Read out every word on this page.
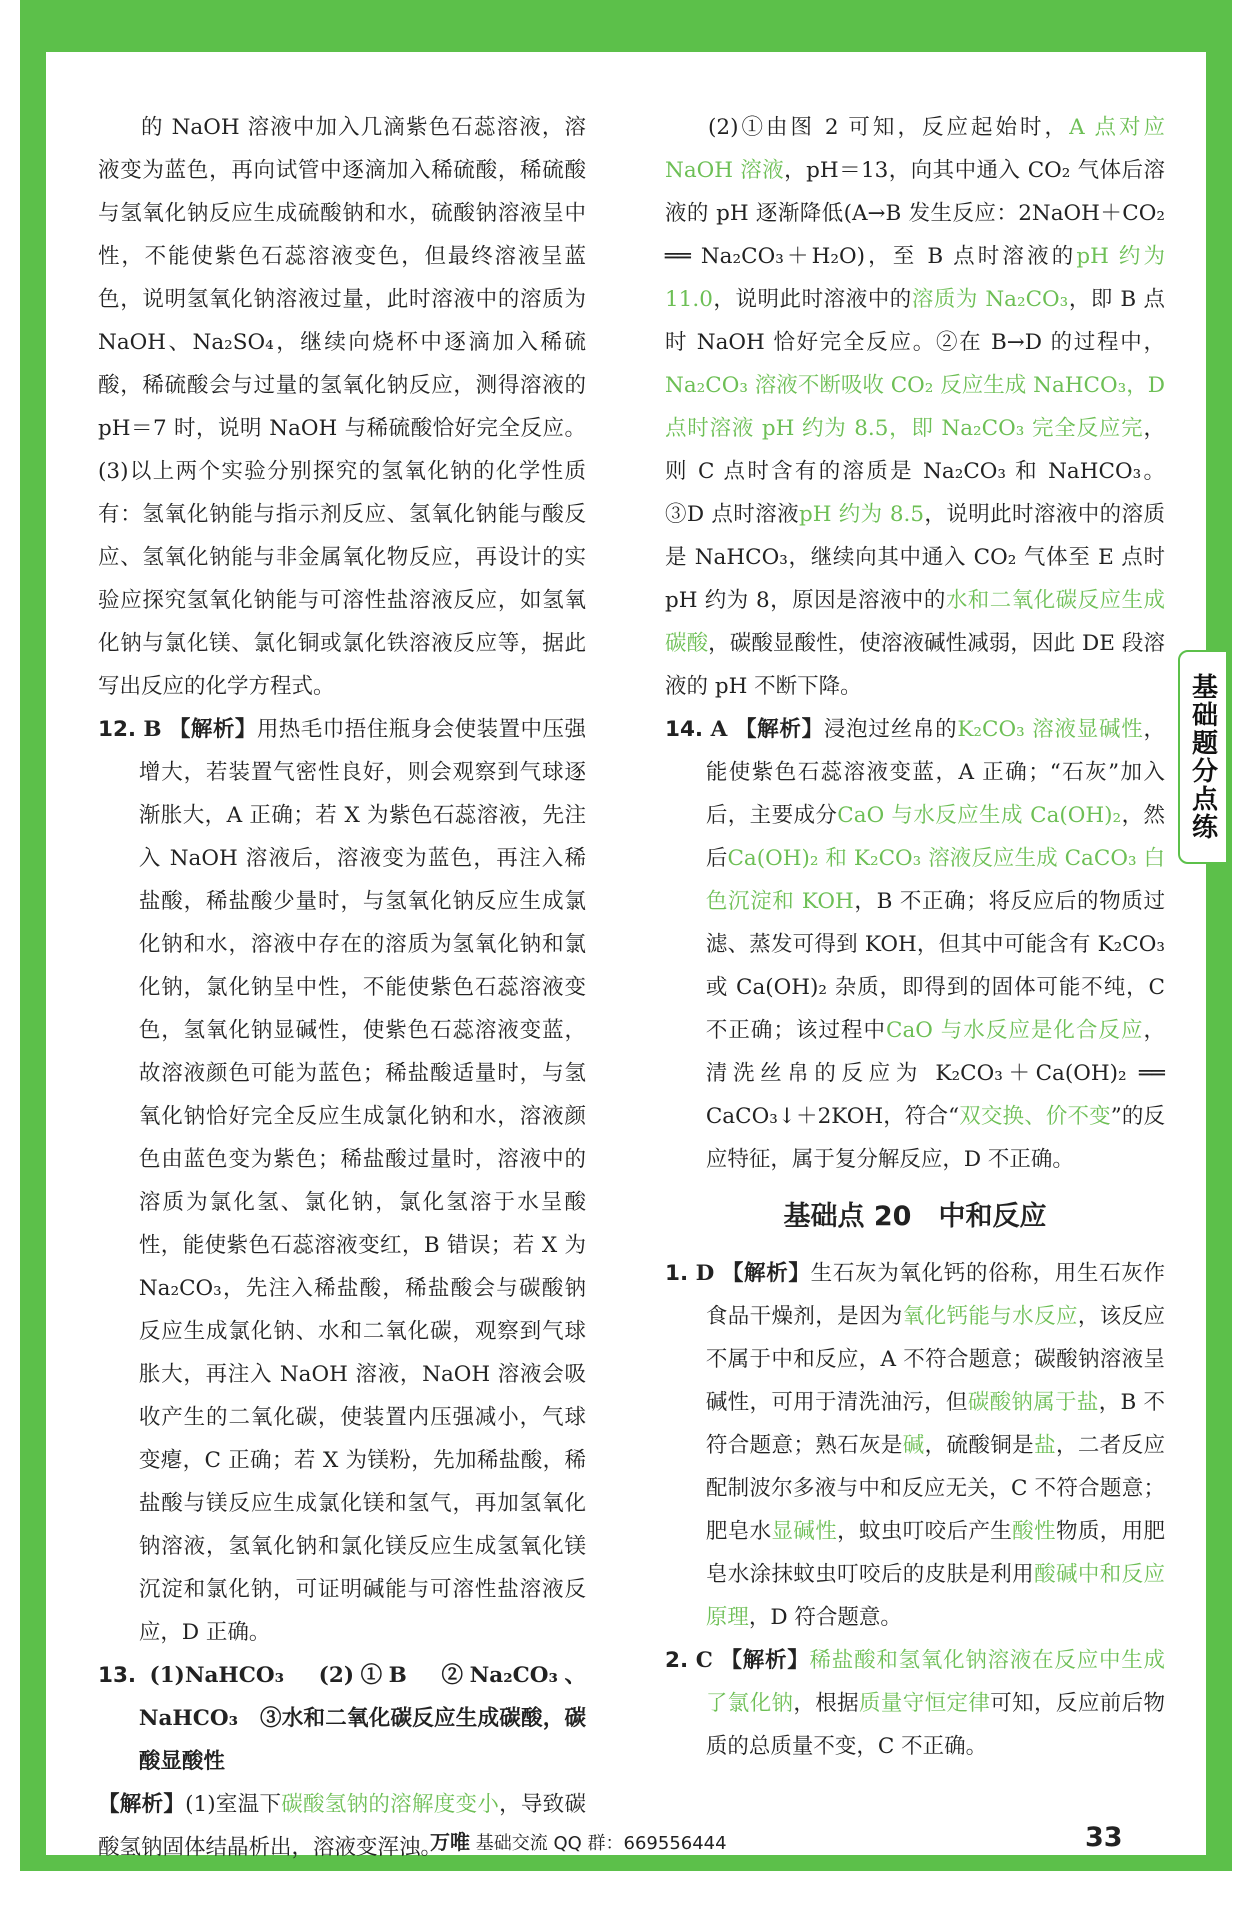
基础题分点练

的 NaOH 溶液中加入几滴紫色石蕊溶液，溶液变为蓝色，再向试管中逐滴加入稀硫酸，稀硫酸与氢氧化钠反应生成硫酸钠和水，硫酸钠溶液呈中性，不能使紫色石蕊溶液变色，但最终溶液呈蓝色，说明氢氧化钠溶液过量，此时溶液中的溶质为 NaOH、Na₂SO₄，继续向烧杯中逐滴加入稀硫酸，稀硫酸会与过量的氢氧化钠反应，测得溶液的 pH＝7 时，说明 NaOH 与稀硫酸恰好完全反应。(3)以上两个实验分别探究的氢氧化钠的化学性质有：氢氧化钠能与指示剂反应、氢氧化钠能与酸反应、氢氧化钠能与非金属氧化物反应，再设计的实验应探究氢氧化钠能与可溶性盐溶液反应，如氢氧化钠与氯化镁、氯化铜或氯化铁溶液反应等，据此写出反应的化学方程式。

12. B 【解析】用热毛巾捂住瓶身会使装置中压强增大，若装置气密性良好，则会观察到气球逐渐胀大，A 正确；若 X 为紫色石蕊溶液，先注入 NaOH 溶液后，溶液变为蓝色，再注入稀盐酸，稀盐酸少量时，与氢氧化钠反应生成氯化钠和水，溶液中存在的溶质为氢氧化钠和氯化钠，氯化钠呈中性，不能使紫色石蕊溶液变色，氢氧化钠显碱性，使紫色石蕊溶液变蓝，故溶液颜色可能为蓝色；稀盐酸适量时，与氢氧化钠恰好完全反应生成氯化钠和水，溶液颜色由蓝色变为紫色；稀盐酸过量时，溶液中的溶质为氯化氢、氯化钠，氯化氢溶于水呈酸性，能使紫色石蕊溶液变红，B 错误；若 X 为 Na₂CO₃，先注入稀盐酸，稀盐酸会与碳酸钠反应生成氯化钠、水和二氧化碳，观察到气球胀大，再注入 NaOH 溶液，NaOH 溶液会吸收产生的二氧化碳，使装置内压强减小，气球变瘪，C 正确；若 X 为镁粉，先加稀盐酸，稀盐酸与镁反应生成氯化镁和氢气，再加氢氧化钠溶液，氢氧化钠和氯化镁反应生成氢氧化镁沉淀和氯化钠，可证明碱能与可溶性盐溶液反应，D 正确。

13. (1)NaHCO₃　(2)①B　②Na₂CO₃、NaHCO₃　③水和二氧化碳反应生成碳酸，碳酸显酸性

【解析】(1)室温下碳酸氢钠的溶解度变小，导致碳酸氢钠固体结晶析出，溶液变浑浊。

(2)①由图 2 可知，反应起始时，A 点对应 NaOH 溶液，pH＝13，向其中通入 CO₂ 气体后溶液的 pH 逐渐降低(A→B 发生反应：2NaOH＋CO₂ ══ Na₂CO₃＋H₂O)，至 B 点时溶液的pH 约为 11.0，说明此时溶液中的溶质为 Na₂CO₃，即 B 点时 NaOH 恰好完全反应。②在 B→D 的过程中，Na₂CO₃ 溶液不断吸收 CO₂ 反应生成 NaHCO₃，D 点时溶液 pH 约为 8.5，即 Na₂CO₃ 完全反应完，则 C 点时含有的溶质是 Na₂CO₃ 和 NaHCO₃。③D 点时溶液pH 约为 8.5，说明此时溶液中的溶质是 NaHCO₃，继续向其中通入 CO₂ 气体至 E 点时 pH 约为 8，原因是溶液中的水和二氧化碳反应生成碳酸，碳酸显酸性，使溶液碱性减弱，因此 DE 段溶液的 pH 不断下降。

14. A 【解析】浸泡过丝帛的K₂CO₃ 溶液显碱性，能使紫色石蕊溶液变蓝，A 正确；“石灰”加入后，主要成分CaO 与水反应生成 Ca(OH)₂，然后Ca(OH)₂ 和 K₂CO₃ 溶液反应生成 CaCO₃ 白色沉淀和 KOH，B 不正确；将反应后的物质过滤、蒸发可得到 KOH，但其中可能含有 K₂CO₃ 或 Ca(OH)₂ 杂质，即得到的固体可能不纯，C 不正确；该过程中CaO 与水反应是化合反应，清洗丝帛的反应为 K₂CO₃＋Ca(OH)₂ ══ CaCO₃↓＋2KOH，符合“双交换、价不变”的反应特征，属于复分解反应，D 不正确。

基础点 20　中和反应

1. D 【解析】生石灰为氧化钙的俗称，用生石灰作食品干燥剂，是因为氧化钙能与水反应，该反应不属于中和反应，A 不符合题意；碳酸钠溶液呈碱性，可用于清洗油污，但碳酸钠属于盐，B 不符合题意；熟石灰是碱，硫酸铜是盐，二者反应配制波尔多液与中和反应无关，C 不符合题意；肥皂水显碱性，蚊虫叮咬后产生酸性物质，用肥皂水涂抹蚊虫叮咬后的皮肤是利用酸碱中和反应原理，D 符合题意。

2. C 【解析】稀盐酸和氢氧化钠溶液在反应中生成了氯化钠，根据质量守恒定律可知，反应前后物质的总质量不变，C 不正确。

万唯 基础交流 QQ 群：669556444	33
